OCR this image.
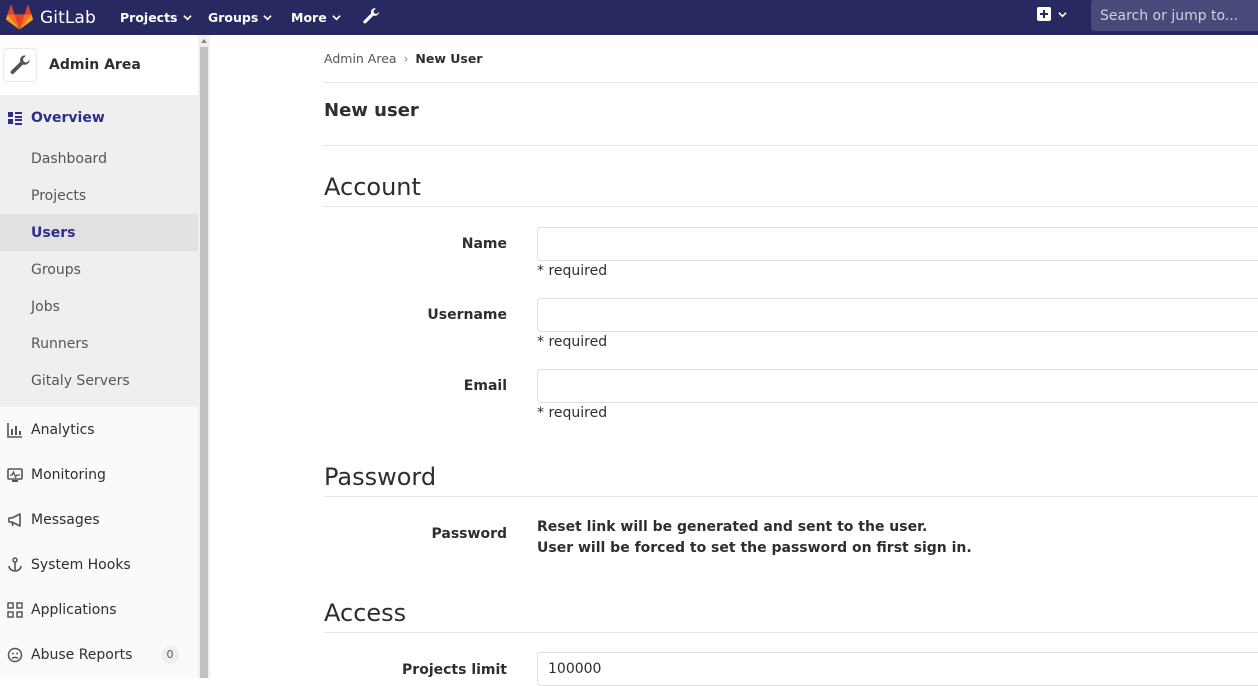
GitLab Projects Groups	More
Search or jump to...
Admin Area
Overview
Dashboard
Projects
Users
Groups
Jobs
Runners
Gitaly Servers
Analytics
Monitoring
Messages
System Hooks
Applications
Abuse Reports	0
Admin Area › New User
New user
Account
Name
* required
Username
* required
Email
* required
Password
Password Reset link will be generated and sent to the user.
User will be forced to set the password on first sign in.
Access
Projects limit
100000
